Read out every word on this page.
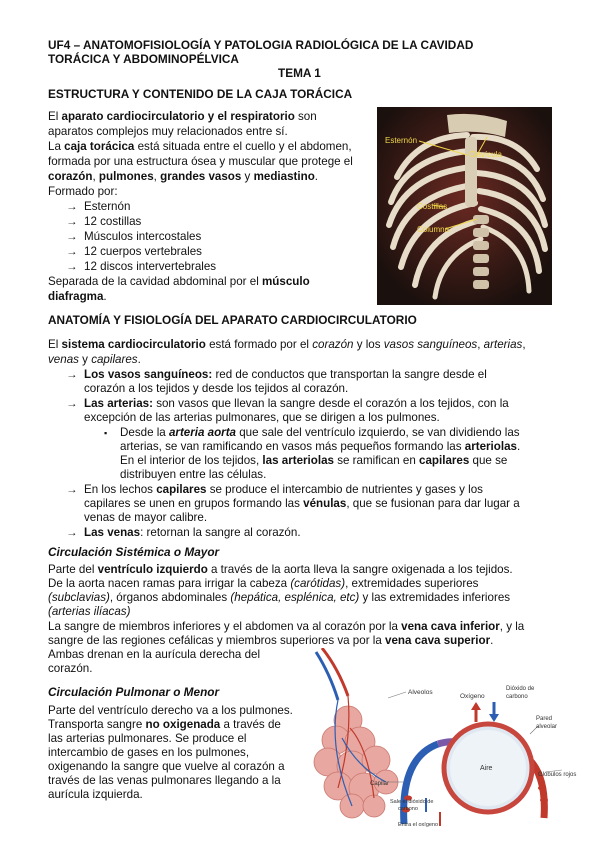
UF4 – ANATOMOFISIOLOGÍA Y PATOLOGIA RADIOLÓGICA DE LA CAVIDAD
TORÁCICA Y ABDOMINOPÉLVICA
TEMA 1
ESTRUCTURA Y CONTENIDO DE LA CAJA TORÁCICA
El aparato cardiocirculatorio y el respiratorio son
aparatos complejos muy relacionados entre sí.
La caja torácica está situada entre el cuello y el abdomen,
formada por una estructura ósea y muscular que protege el
corazón, pulmones, grandes vasos y mediastino.
Formado por:
→ Esternón
→ 12 costillas
→ Músculos intercostales
→ 12 cuerpos vertebrales
→ 12 discos intervertebrales
Separada de la cavidad abdominal por el músculo
diafragma.
Esternón
Clavícula
Costillas
Columna
ANATOMÍA Y FISIOLOGÍA DEL APARATO CARDIOCIRCULATORIO
El sistema cardiocirculatorio está formado por el corazón y los vasos sanguíneos, arterias,
venas y capilares.
→ Los vasos sanguíneos: red de conductos que transportan la sangre desde el
corazón a los tejidos y desde los tejidos al corazón.
→ Las arterias: son vasos que llevan la sangre desde el corazón a los tejidos, con la
excepción de las arterias pulmonares, que se dirigen a los pulmones.
▪	Desde la arteria aorta que sale del ventrículo izquierdo, se van dividiendo las
arterias, se van ramificando en vasos más pequeños formando las arteriolas.
En el interior de los tejidos, las arteriolas se ramifican en capilares que se
distribuyen entre las células.
→ En los lechos capilares se produce el intercambio de nutrientes y gases y los
capilares se unen en grupos formando las vénulas, que se fusionan para dar lugar a
venas de mayor calibre.
→ Las venas: retornan la sangre al corazón.
Circulación Sistémica o Mayor
Parte del ventrículo izquierdo a través de la aorta lleva la sangre oxigenada a los tejidos.
De la aorta nacen ramas para irrigar la cabeza (carótidas), extremidades superiores
(subclavias), órganos abdominales (hepática, esplénica, etc) y las extremidades inferiores
(arterias ilíacas)
La sangre de miembros inferiores y el abdomen va al corazón por la vena cava inferior, y la
sangre de las regiones cefálicas y miembros superiores va por la vena cava superior.
Ambas drenan en la aurícula derecha del
corazón.
Circulación Pulmonar o Menor
Parte del ventrículo derecho va a los pulmones.
Transporta sangre no oxigenada a través de
las arterias pulmonares. Se produce el
intercambio de gases en los pulmones,
oxigenando la sangre que vuelve al corazón a
través de las venas pulmonares llegando a la
aurícula izquierda.
Alveolos
Aire
Oxígeno
Dióxido de
carbono
Pared
alveolar
Glóbulos rojos
Capilar
Sale el dióxido de
carbono
Entra el oxígeno
